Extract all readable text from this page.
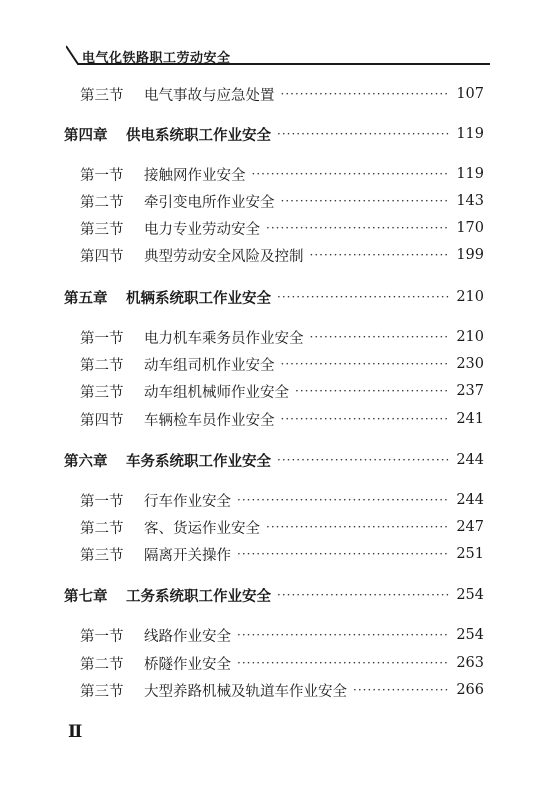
电气化铁路职工劳动安全
第三节	电气事故与应急处置 ·····	107
第四章	供电系统职工作业安全 ·····	119
第一节	接触网作业安全 ·····	119
第二节	牵引变电所作业安全 ·····	143
第三节	电力专业劳动安全 ·····	170
第四节	典型劳动安全风险及控制 ·····	199
第五章	机辆系统职工作业安全 ·····	210
第一节	电力机车乘务员作业安全 ·····	210
第二节	动车组司机作业安全 ·····	230
第三节	动车组机械师作业安全 ·····	237
第四节	车辆检车员作业安全 ·····	241
第六章	车务系统职工作业安全 ·····	244
第一节	行车作业安全 ·····	244
第二节	客、货运作业安全 ·····	247
第三节	隔离开关操作 ·····	251
第七章	工务系统职工作业安全 ·····	254
第一节	线路作业安全 ·····	254
第二节	桥隧作业安全 ·····	263
第三节	大型养路机械及轨道车作业安全 ·····	266
Ⅱ
